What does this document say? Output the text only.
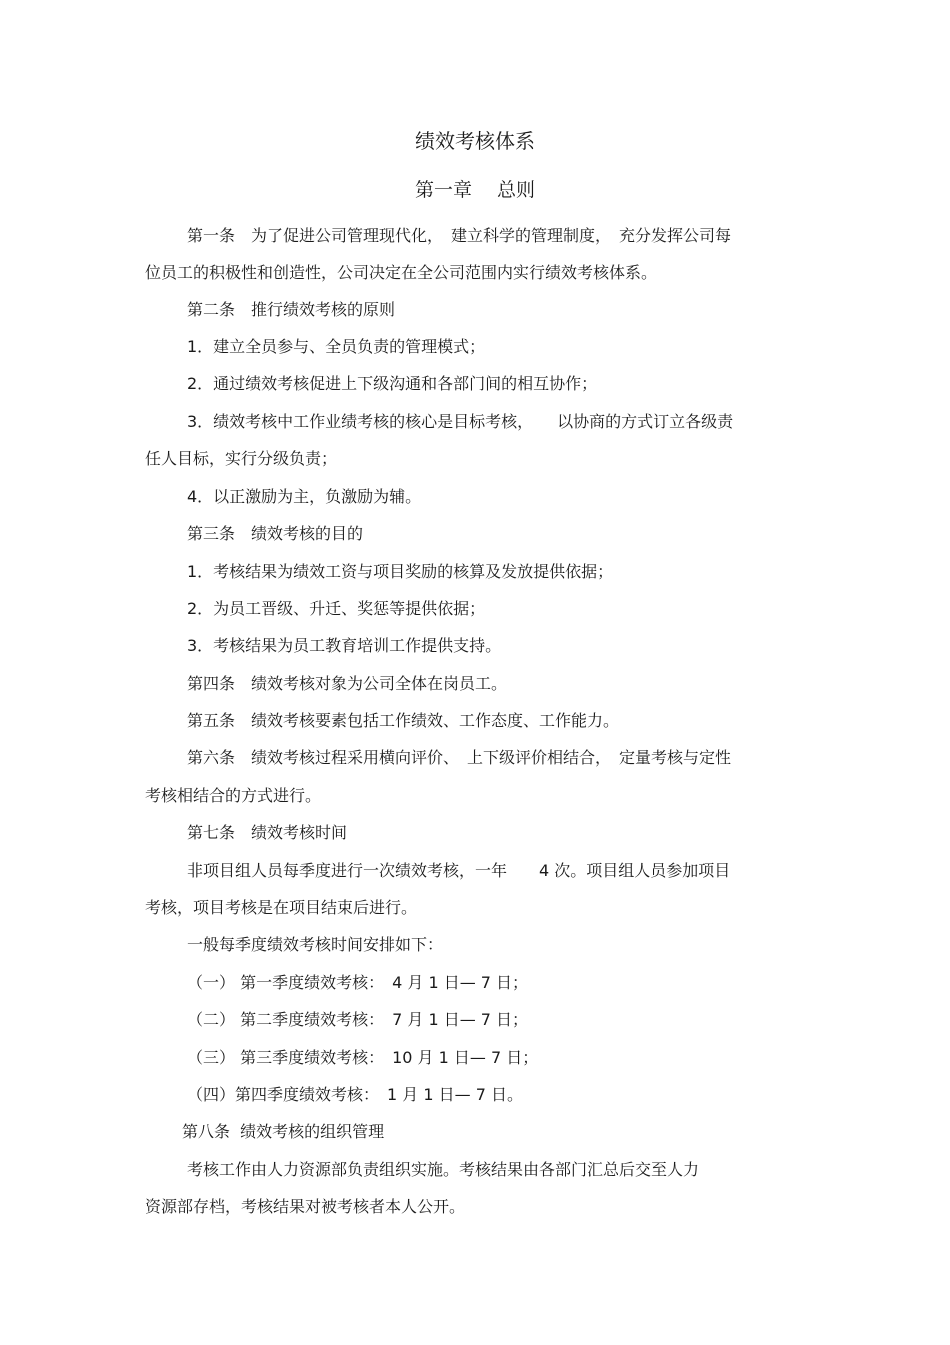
绩效考核体系
第一章　 总则
第一条　为了促进公司管理现代化，　建立科学的管理制度，　充分发挥公司每
位员工的积极性和创造性，公司决定在全公司范围内实行绩效考核体系。
第二条　推行绩效考核的原则
1．建立全员参与、全员负责的管理模式；
2．通过绩效考核促进上下级沟通和各部门间的相互协作；
3．绩效考核中工作业绩考核的核心是目标考核，　　以协商的方式订立各级责
任人目标，实行分级负责；
4．以正激励为主，负激励为辅。
第三条　绩效考核的目的
1．考核结果为绩效工资与项目奖励的核算及发放提供依据；
2．为员工晋级、升迁、奖惩等提供依据；
3．考核结果为员工教育培训工作提供支持。
第四条　绩效考核对象为公司全体在岗员工。
第五条　绩效考核要素包括工作绩效、工作态度、工作能力。
第六条　绩效考核过程采用横向评价、　上下级评价相结合，　定量考核与定性
考核相结合的方式进行。
第七条　绩效考核时间
非项目组人员每季度进行一次绩效考核，一年　　4 次。项目组人员参加项目
考核，项目考核是在项目结束后进行。
一般每季度绩效考核时间安排如下：
（一） 第一季度绩效考核：　4 月 1 日— 7 日；
（二） 第二季度绩效考核：　7 月 1 日— 7 日；
（三） 第三季度绩效考核：　10 月 1 日— 7 日；
（四）第四季度绩效考核：　1 月 1 日— 7 日。
第八条  绩效考核的组织管理
考核工作由人力资源部负责组织实施。考核结果由各部门汇总后交至人力
资源部存档，考核结果对被考核者本人公开。
